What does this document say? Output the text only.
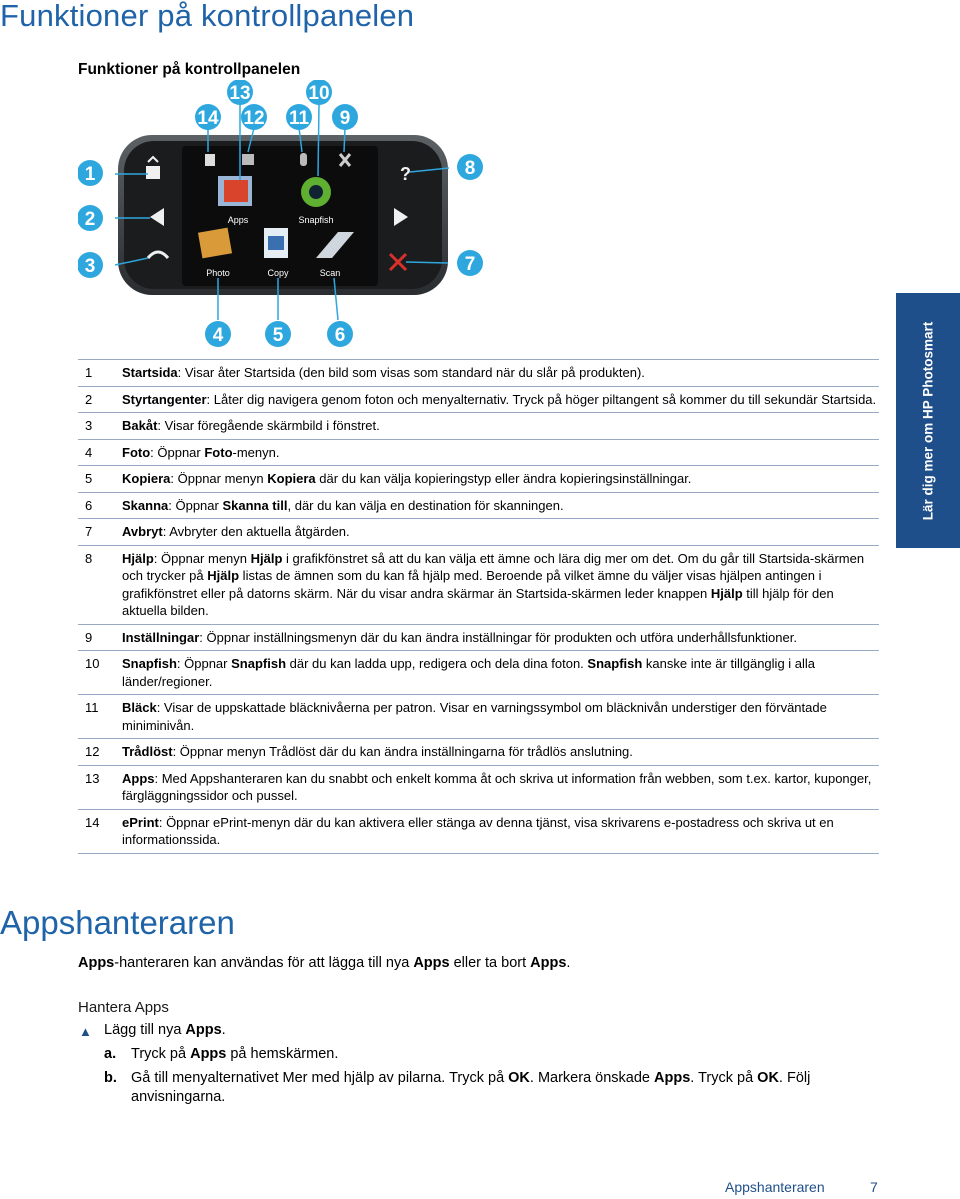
Funktioner på kontrollpanelen
Funktioner på kontrollpanelen
Apps	Snapfish
Photo	Copy	Scan
?
1
2
3
4	5	6
7
8
9
10
11
12
13
14
Lär dig mer om HP Photosmart
1	Startsida: Visar åter Startsida (den bild som visas som standard när du slår på produkten).
2	Styrtangenter: Låter dig navigera genom foton och menyalternativ. Tryck på höger piltangent så kommer du till sekundär Startsida.
3	Bakåt: Visar föregående skärmbild i fönstret.
4	Foto: Öppnar Foto-menyn.
5	Kopiera: Öppnar menyn Kopiera där du kan välja kopieringstyp eller ändra kopieringsinställningar.
6	Skanna: Öppnar Skanna till, där du kan välja en destination för skanningen.
7	Avbryt: Avbryter den aktuella åtgärden.
8	Hjälp: Öppnar menyn Hjälp i grafikfönstret så att du kan välja ett ämne och lära dig mer om det. Om du går till Startsida-skärmen och trycker på Hjälp listas de ämnen som du kan få hjälp med. Beroende på vilket ämne du väljer visas hjälpen antingen i grafikfönstret eller på datorns skärm. När du visar andra skärmar än Startsida-skärmen leder knappen Hjälp till hjälp för den aktuella bilden.
9	Inställningar: Öppnar inställningsmenyn där du kan ändra inställningar för produkten och utföra underhållsfunktioner.
10	Snapfish: Öppnar Snapfish där du kan ladda upp, redigera och dela dina foton. Snapfish kanske inte är tillgänglig i alla länder/regioner.
11	Bläck: Visar de uppskattade bläcknivåerna per patron. Visar en varningssymbol om bläcknivån understiger den förväntade miniminivån.
12	Trådlöst: Öppnar menyn Trådlöst där du kan ändra inställningarna för trådlös anslutning.
13	Apps: Med Appshanteraren kan du snabbt och enkelt komma åt och skriva ut information från webben, som t.ex. kartor, kuponger, färgläggningssidor och pussel.
14	ePrint: Öppnar ePrint-menyn där du kan aktivera eller stänga av denna tjänst, visa skrivarens e-postadress och skriva ut en informationssida.
Appshanteraren

Apps-hanteraren kan användas för att lägga till nya Apps eller ta bort Apps.

Hantera Apps

▲ Lägg till nya Apps.
a. Tryck på Apps på hemskärmen.
b. Gå till menyalternativet Mer med hjälp av pilarna. Tryck på OK. Markera önskade Apps. Tryck på OK. Följ anvisningarna.
Appshanteraren	7
